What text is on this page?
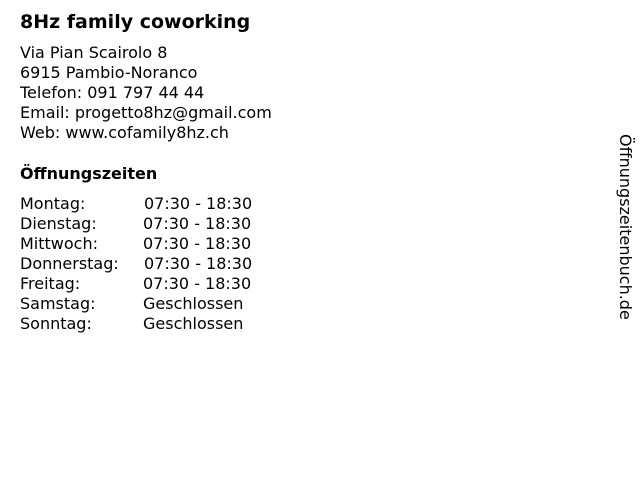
8Hz family coworking
Via Pian Scairolo 8
6915 Pambio-Noranco
Telefon: 091 797 44 44
Email: progetto8hz@gmail.com
Web: www.cofamily8hz.ch
Öffnungszeiten
Montag:	07:30 - 18:30
Dienstag:	07:30 - 18:30
Mittwoch:	07:30 - 18:30
Donnerstag: 07:30 - 18:30
Freitag:	07:30 - 18:30
Samstag:	Geschlossen
Sonntag:	Geschlossen
Öffnungszeitenbuch.de
